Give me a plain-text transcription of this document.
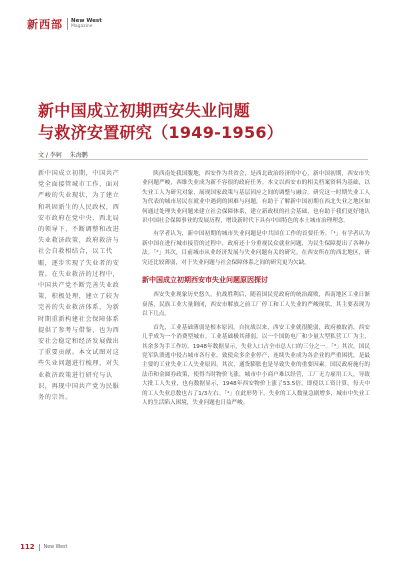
新西部	New West
Magazine
新中国成立初期西安失业问题
与救济安置研究（1949-1956）
文 / 李轲 朱海鹏

新中国成立初期，中国共产党全面接管城市工作，面对严峻的失业现状，为了建立和巩固新生的人民政权，西安市政府在党中央、西北局的领导下，不断调整和改进失业救济政策，政府救济与社会自救相结合，以工代赈，逐步实现了失业者的安置。在失业救济的过程中，中国共产党不断完善失业政策，积极处理，建立了较为完善的失业救济体系，为新时期重新构建社会保障体系提供了参考与借鉴，也为西安社会稳定和经济发展做出了重要贡献。本文试图对这些失业问题进行梳理，对失业救济政策进行研究与认识，再现中国共产党为民服务的宗旨。

陕西南处我国腹地，西安作为其省会，是西北政治经济的中心，新中国初期，西安市失业问题严峻，西维失业成为新不容很的政府任务。本文以西安市的相关档案资料为基础，以失业工人为研究对象，展现国家政策与基层因应之间的调整与融合。研究这一时期失业工人为代表的城市居民在就业中遇到的困难与问题，有助于了解新中国初期在西北失业之地区如何通过处理失业问题来建立社会保障体系，建立新政权的社会基础，也有助于我们更好地认识中国社会保障事业的发展历程，增设新时代下具有中国特色的本土城市治理理念。

有学者认为，新中国初期的城市失业问题是中共国在工作的首要任务。「¹」有学者认为新中国在进行城市接管的过程中，政府还十分重视民众就业问题，为民生保障提出了各种办法。「²」其次，目前城市从业经济发展与失业问题有关的研究。在西安所在的西北地区，研究还比较薄弱，对于失业问题与社会保障体系之间的研究更为欠缺。

新中国成立初期西安市失业问题原因探讨

西安失业现象历史悠久，抗战胜利后，随着国民党政府的统治腐败，西南地区工业日渐衰落，民族工业大量倒闭，西安市解放之前工厂停工和工人失业的严峻现状，其主要表现为以下几点。

首先，工业基础薄弱是根本原因。自抗战以来，西安工业就很脆弱，政府被取消，西安几乎成为一个消费型城市。工业基础极其薄弱，以一个国防电厂和少量大型私营工厂为主，其余多为手工作坊。1948年数据显示，失业人口占全市总人口的三分之一。「³」其次，国民党军队溃逃中侵占城市各行业，致使众多企业停产，连续失业成为各企业的严重困扰，是最主要的工业失业工人失业原因。其次，通货膨胀也是导致失业的重要因素。国民政府施行的法币和金圆券政策，使得当时物价飞涨，城市中小商户难以经营，工厂无力雇用工人，导致大批工人失业，也有数据显示，1948年西安物价上涨了53.5倍，即使以工资计算，每天中的工人失业总数也占了1/3左右。「⁴」在此形势下，失业的工人数量急剧增多，城市中失业工人的生活陷入困境，失业问题也日益严峻。

112 New West
